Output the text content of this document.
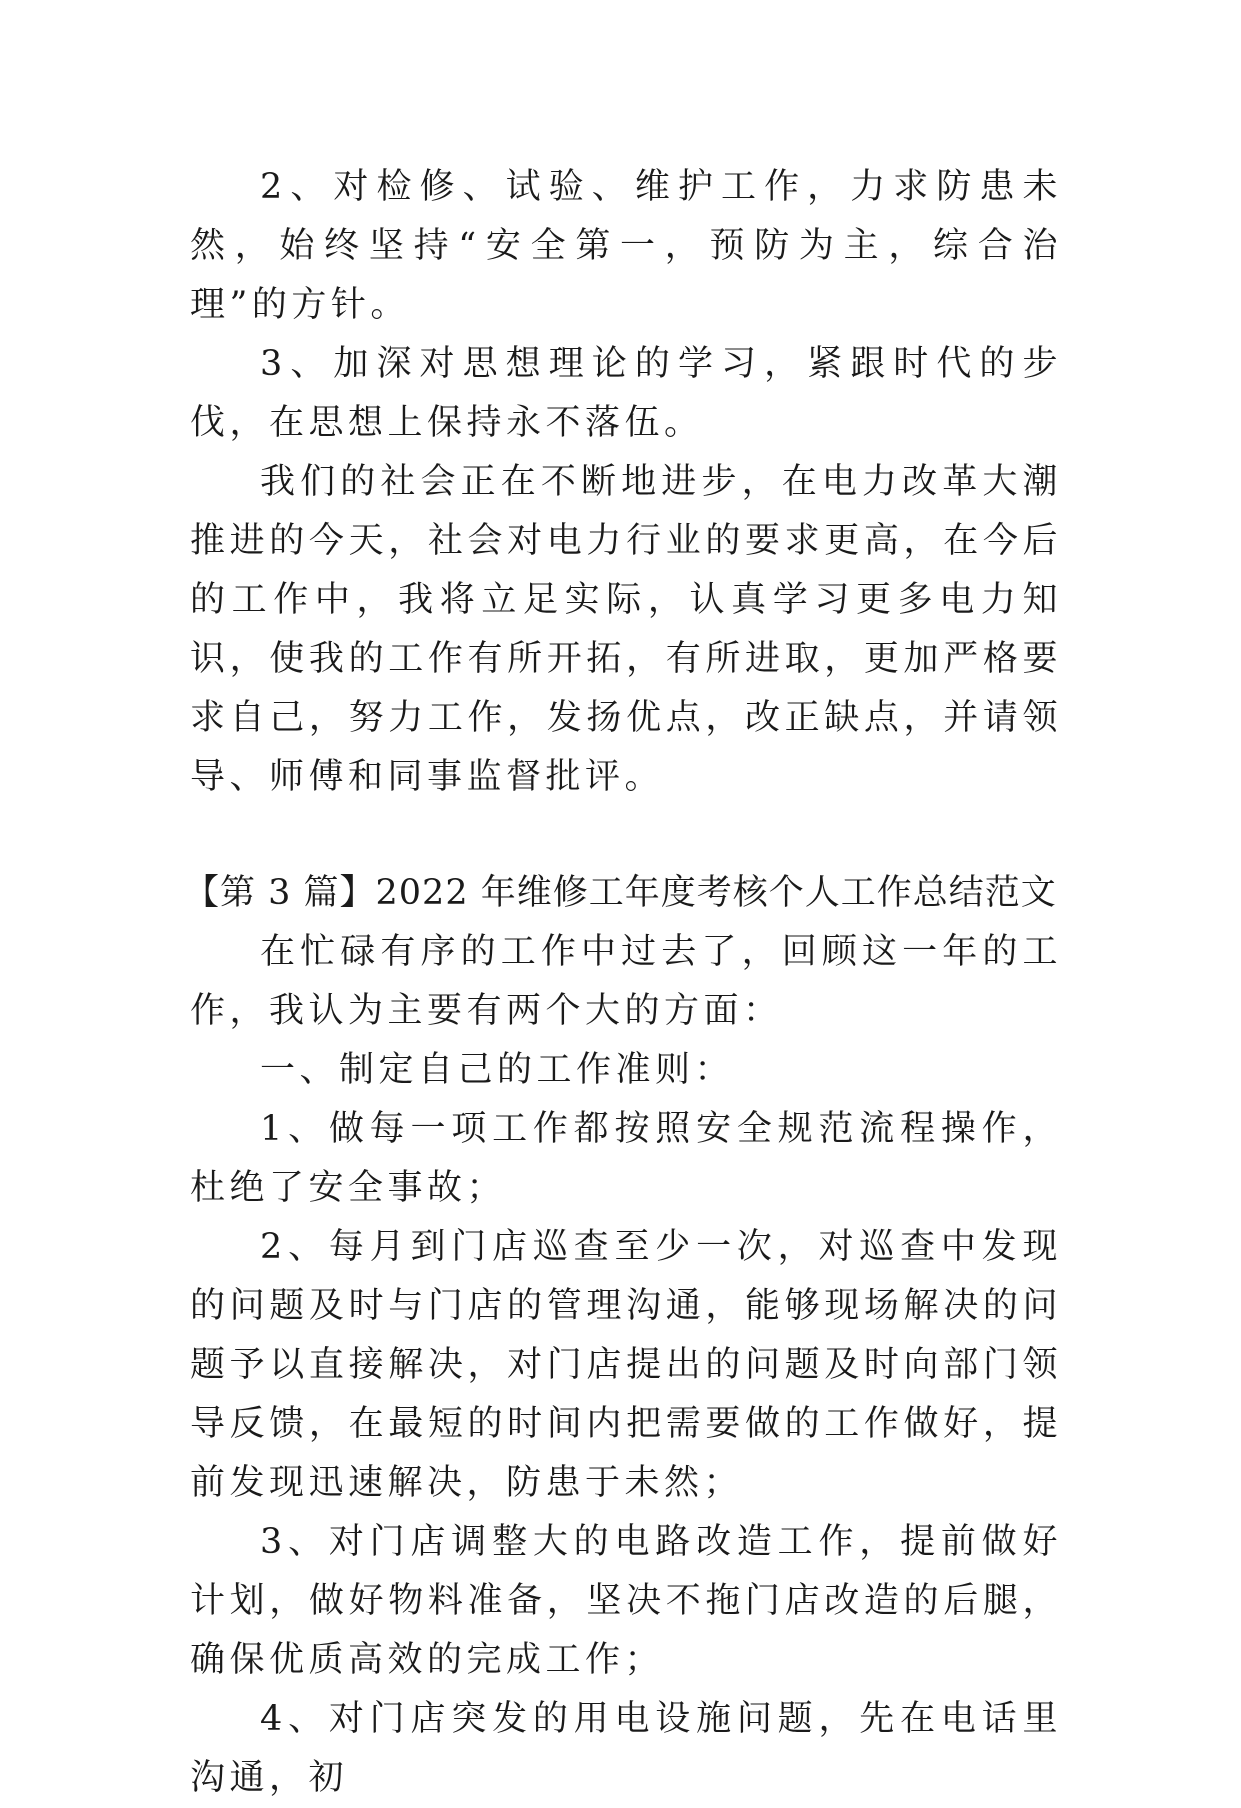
2、对检修、试验、维护工作，力求防患未然，始终坚持“安全第一，预防为主，综合治理”的方针。

3、加深对思想理论的学习，紧跟时代的步伐，在思想上保持永不落伍。

我们的社会正在不断地进步，在电力改革大潮推进的今天，社会对电力行业的要求更高，在今后的工作中，我将立足实际，认真学习更多电力知识，使我的工作有所开拓，有所进取，更加严格要求自己，努力工作，发扬优点，改正缺点，并请领导、师傅和同事监督批评。

【第 3 篇】2022 年维修工年度考核个人工作总结范文

在忙碌有序的工作中过去了，回顾这一年的工作，我认为主要有两个大的方面：

一、制定自己的工作准则：

1、做每一项工作都按照安全规范流程操作，杜绝了安全事故；

2、每月到门店巡查至少一次，对巡查中发现的问题及时与门店的管理沟通，能够现场解决的问题予以直接解决，对门店提出的问题及时向部门领导反馈，在最短的时间内把需要做的工作做好，提前发现迅速解决，防患于未然；

3、对门店调整大的电路改造工作，提前做好计划，做好物料准备，坚决不拖门店改造的后腿，确保优质高效的完成工作；

4、对门店突发的用电设施问题，先在电话里沟通，初
